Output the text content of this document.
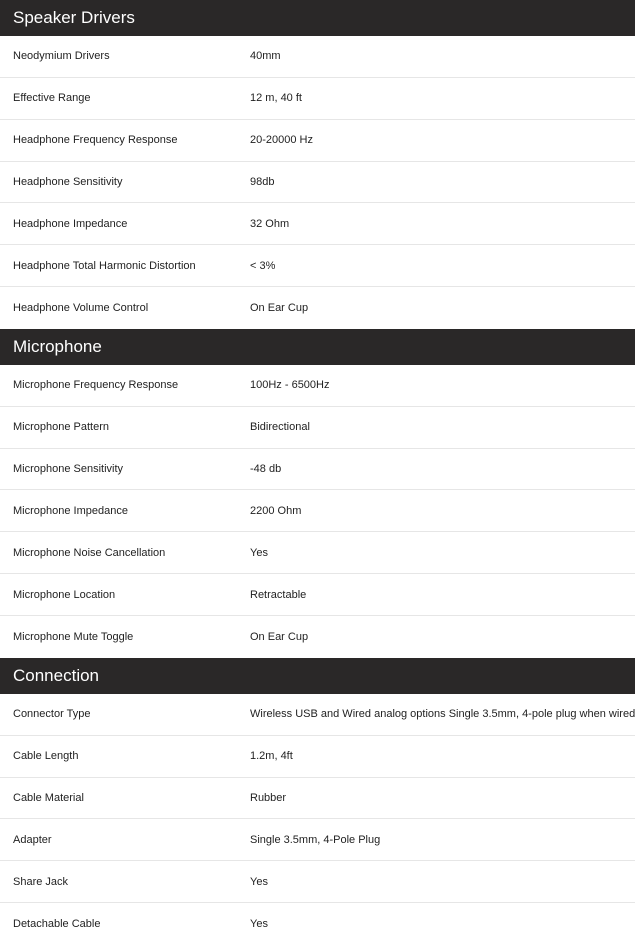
Speaker Drivers
Neodymium Drivers	40mm
Effective Range	12 m, 40 ft
Headphone Frequency Response	20-20000 Hz
Headphone Sensitivity	98db
Headphone Impedance	32 Ohm
Headphone Total Harmonic Distortion	< 3%
Headphone Volume Control	On Ear Cup
Microphone
Microphone Frequency Response	100Hz - 6500Hz
Microphone Pattern	Bidirectional
Microphone Sensitivity	-48 db
Microphone Impedance	2200 Ohm
Microphone Noise Cancellation	Yes
Microphone Location	Retractable
Microphone Mute Toggle	On Ear Cup
Connection
Connector Type	Wireless USB and Wired analog options Single 3.5mm, 4-pole plug when wired
Cable Length	1.2m, 4ft
Cable Material	Rubber
Adapter	Single 3.5mm, 4-Pole Plug
Share Jack	Yes
Detachable Cable	Yes
